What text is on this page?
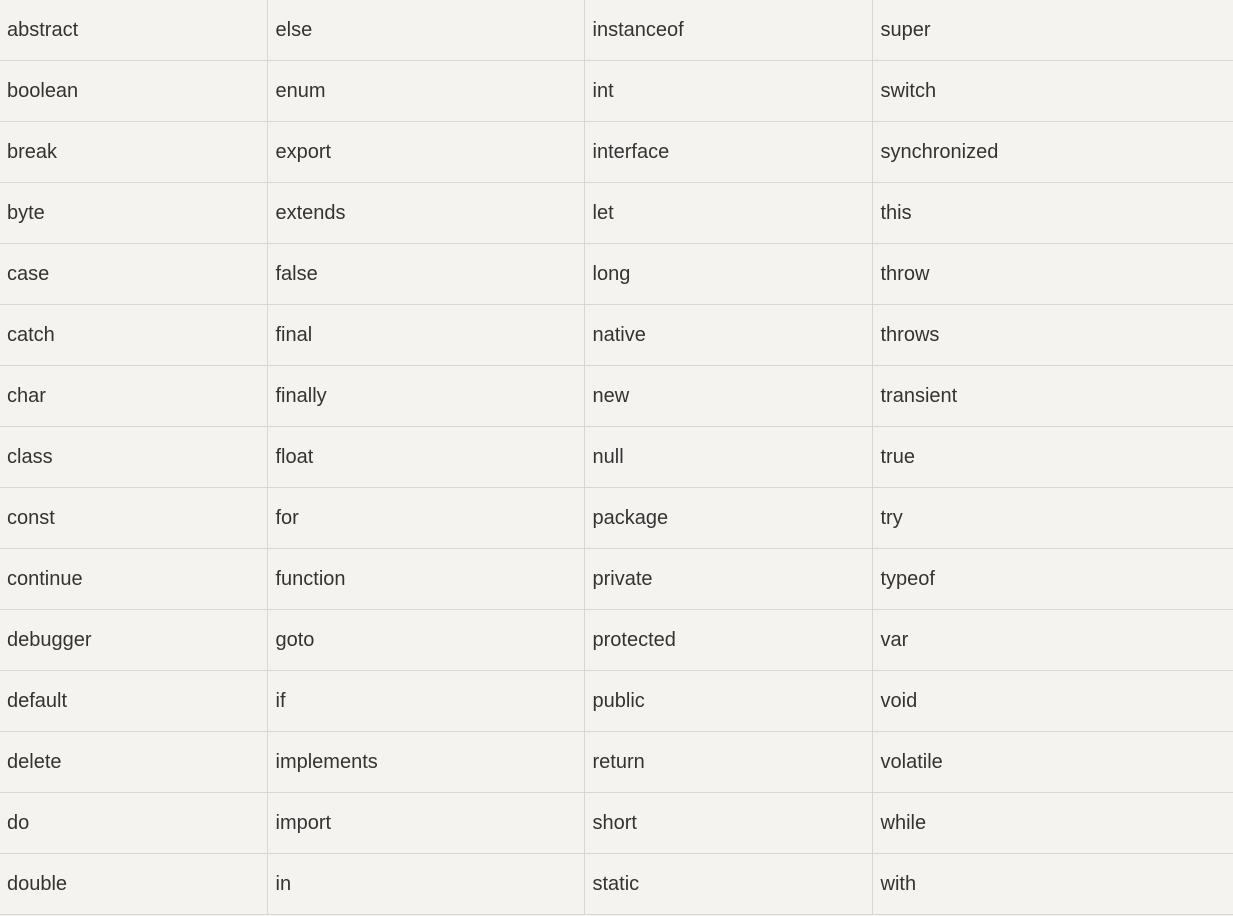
abstract	else	instanceof	super
boolean	enum	int	switch
break	export	interface	synchronized
byte	extends	let	this
case	false	long	throw
catch	final	native	throws
char	finally	new	transient
class	float	null	true
const	for	package	try
continue	function	private	typeof
debugger	goto	protected	var
default	if	public	void
delete	implements	return	volatile
do	import	short	while
double	in	static	with
